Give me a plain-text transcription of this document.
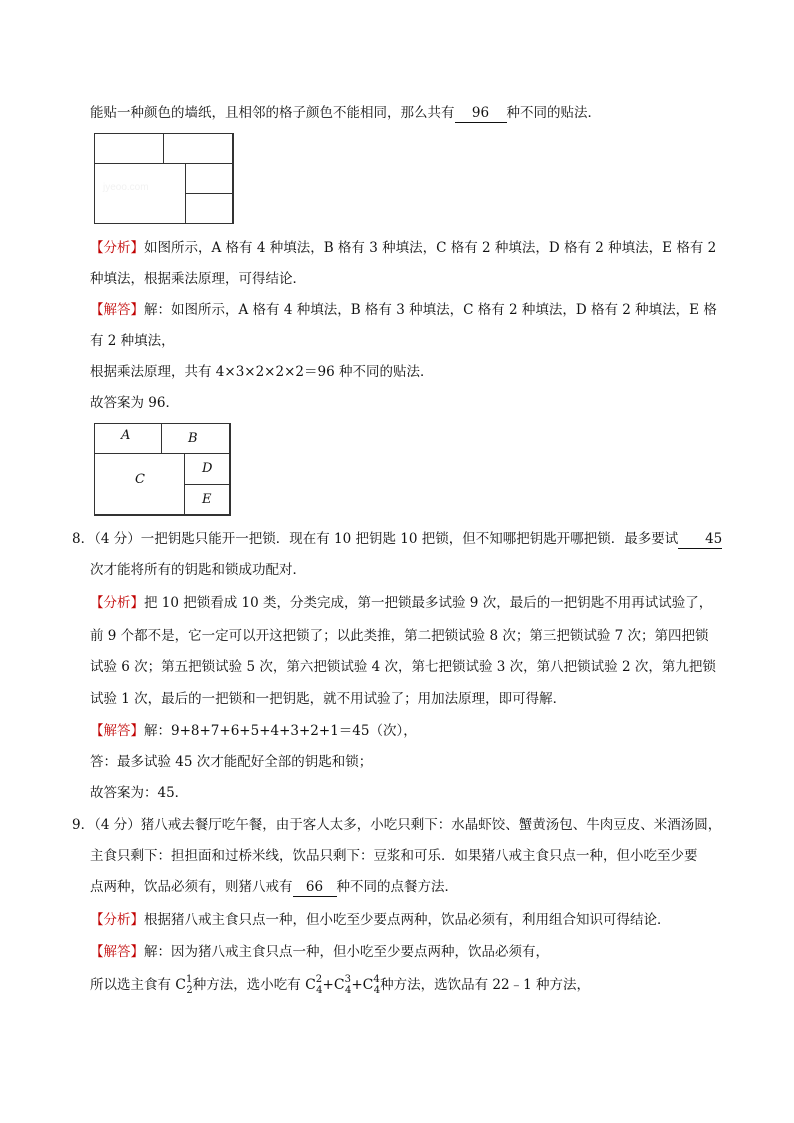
能贴一种颜色的墙纸，且相邻的格子颜色不能相同，那么共有 96 种不同的贴法．
jyeoo.com
【分析】如图所示，A 格有 4 种填法，B 格有 3 种填法，C 格有 2 种填法，D 格有 2 种填法，E 格有 2
种填法，根据乘法原理，可得结论．
【解答】解：如图所示，A 格有 4 种填法，B 格有 3 种填法，C 格有 2 种填法，D 格有 2 种填法，E 格
有 2 种填法，
根据乘法原理，共有 4×3×2×2×2＝96 种不同的贴法．
故答案为 96．
A	B
C
D
E
8．（4 分）一把钥匙只能开一把锁．现在有 10 把钥匙 10 把锁，但不知哪把钥匙开哪把锁．最多要试 45
次才能将所有的钥匙和锁成功配对．
【分析】把 10 把锁看成 10 类，分类完成，第一把锁最多试验 9 次，最后的一把钥匙不用再试试验了，
前 9 个都不是，它一定可以开这把锁了；以此类推，第二把锁试验 8 次；第三把锁试验 7 次；第四把锁
试验 6 次；第五把锁试验 5 次，第六把锁试验 4 次，第七把锁试验 3 次，第八把锁试验 2 次，第九把锁
试验 1 次，最后的一把锁和一把钥匙，就不用试验了；用加法原理，即可得解．
【解答】解：9+8+7+6+5+4+3+2+1＝45（次），
答：最多试验 45 次才能配好全部的钥匙和锁；
故答案为：45．
9．（4 分）猪八戒去餐厅吃午餐，由于客人太多，小吃只剩下：水晶虾饺、蟹黄汤包、牛肉豆皮、米酒汤圆，
主食只剩下：担担面和过桥米线，饮品只剩下：豆浆和可乐．如果猪八戒主食只点一种，但小吃至少要
点两种，饮品必须有，则猪八戒有 66 种不同的点餐方法．
【分析】根据猪八戒主食只点一种，但小吃至少要点两种，饮品必须有，利用组合知识可得结论．
【解答】解：因为猪八戒主食只点一种，但小吃至少要点两种，饮品必须有，
所以选主食有 $C^1_2$种方法，选小吃有 $C^2_4+C^3_4+C^4_4$种方法，选饮品有 22﹣1 种方法，
